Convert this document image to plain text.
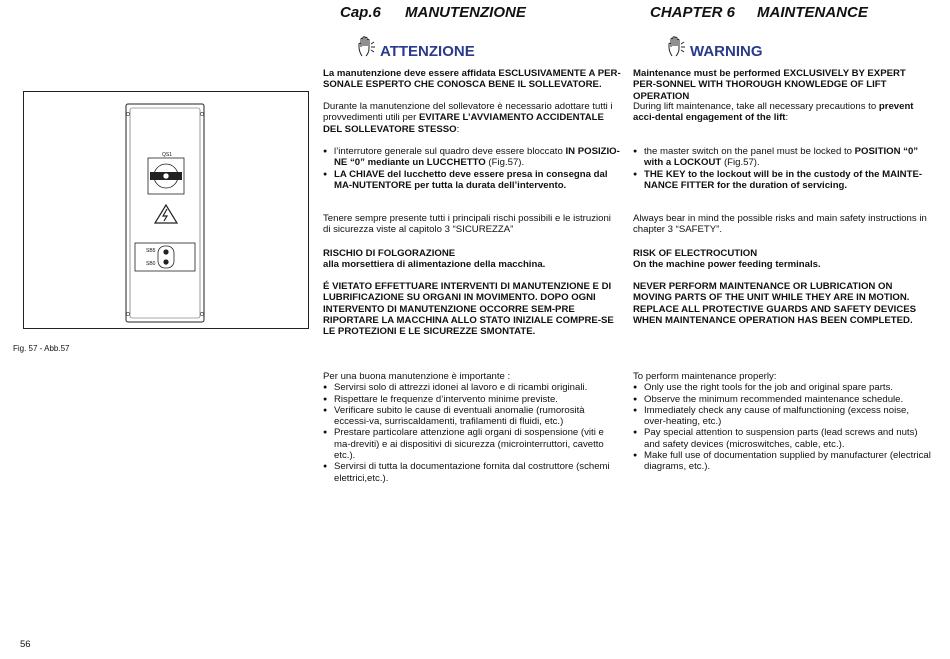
Cap.6 MANUTENZIONE	CHAPTER 6 MAINTENANCE
ATTENZIONE	WARNING
QS1
SB5
SB0
Fig. 57 - Abb.57

La manutenzione deve essere affidata ESCLUSIVAMENTE A PER-SONALE ESPERTO CHE CONOSCA BENE IL SOLLEVATORE.

Durante la manutenzione del sollevatore è necessario adottare tutti i provvedimenti utili per EVITARE L’AVVIAMENTO ACCIDENTALE DEL SOLLEVATORE STESSO:

● l’interrutore generale sul quadro deve essere bloccato IN POSIZIO-NE “0” mediante un LUCCHETTO (Fig.57).
● LA CHIAVE del lucchetto deve essere presa in consegna dal MA-NUTENTORE per tutta la durata dell’intervento.

Tenere sempre presente tutti i principali rischi possibili e le istruzioni di sicurezza viste al capitolo 3 “SICUREZZA”

RISCHIO DI FOLGORAZIONE

alla morsettiera di alimentazione della macchina.

É VIETATO EFFETTUARE INTERVENTI DI MANUTENZIONE E DI LUBRIFICAZIONE SU ORGANI IN MOVIMENTO. DOPO OGNI INTERVENTO DI MANUTENZIONE OCCORRE SEM-PRE RIPORTARE LA MACCHINA ALLO STATO INIZIALE COMPRE-SE LE PROTEZIONI E LE SICUREZZE SMONTATE.

Per una buona manutenzione è importante :

● Servirsi solo di attrezzi idonei al lavoro e di ricambi originali.
● Rispettare le frequenze d’intervento minime previste.
● Verificare subito le cause di eventuali anomalie (rumorosità eccessi-va, surriscaldamenti, trafilamenti di fluidi, etc.)
● Prestare particolare attenzione agli organi di sospensione (viti e ma-dreviti) e ai dispositivi di sicurezza (microinterruttori, cavetto etc.).
● Servirsi di tutta la documentazione fornita dal costruttore (schemi elettrici,etc.).

Maintenance must be performed EXCLUSIVELY BY EXPERT PER-SONNEL WITH THOROUGH KNOWLEDGE OF LIFT OPERATION

During lift maintenance, take all necessary precautions to prevent acci-dental engagement of the lift:

● the master switch on the panel must be locked to POSITION “0” with a LOCKOUT (Fig.57).
● THE KEY to the lockout will be in the custody of the MAINTE-NANCE FITTER for the duration of servicing.

Always bear in mind the possible risks and main safety instructions in chapter 3 “SAFETY”.

RISK OF ELECTROCUTION

On the machine power feeding terminals.

NEVER PERFORM MAINTENANCE OR LUBRICATION ON MOVING PARTS OF THE UNIT WHILE THEY ARE IN MOTION. REPLACE ALL PROTECTIVE GUARDS AND SAFETY DEVICES WHEN MAINTENANCE OPERATION HAS BEEN COMPLETED.

To perform maintenance properly:

● Only use the right tools for the job and original spare parts.
● Observe the minimum recommended maintenance schedule.
● Immediately check any cause of malfunctioning (excess noise, over-heating, etc.)
● Pay special attention to suspension parts (lead screws and nuts) and safety devices (microswitches, cable, etc.).
● Make full use of documentation supplied by manufacturer (electrical diagrams, etc.).
56
